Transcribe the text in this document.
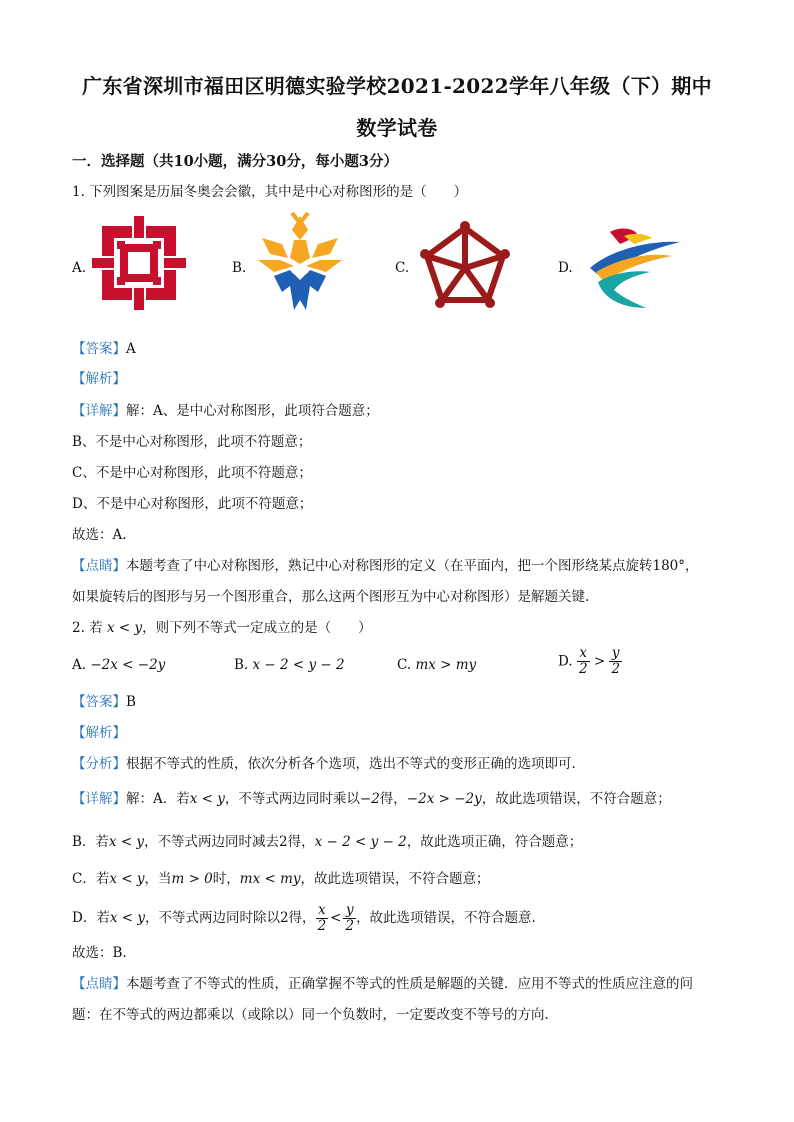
广东省深圳市福田区明德实验学校2021-2022学年八年级（下）期中
数学试卷
一．选择题（共10小题，满分30分，每小题3分）
1. 下列图案是历届冬奥会会徽，其中是中心对称图形的是（　　）
A.	B.	C.	D.
【答案】A
【解析】
【详解】解：A、是中心对称图形，此项符合题意；
B、不是中心对称图形，此项不符题意；
C、不是中心对称图形，此项不符题意；
D、不是中心对称图形，此项不符题意；
故选：A.
【点睛】本题考查了中心对称图形，熟记中心对称图形的定义（在平面内，把一个图形绕某点旋转180°，
如果旋转后的图形与另一个图形重合，那么这两个图形互为中心对称图形）是解题关键.
2. 若 x < y，则下列不等式一定成立的是（　　）
A. −2x < −2y	B. x − 2 < y − 2	C. mx > my	D. $\frac{x}{2} > \frac{y}{2}$
【答案】B
【解析】
【分析】根据不等式的性质，依次分析各个选项，选出不等式的变形正确的选项即可.
【详解】解：A．若x < y，不等式两边同时乘以−2得，−2x > −2y，故此选项错误，不符合题意；
B．若x < y，不等式两边同时减去2得，x − 2 < y − 2，故此选项正确，符合题意；
C．若x < y，当m > 0时，mx < my，故此选项错误，不符合题意；
D．若x < y，不等式两边同时除以2得， $\frac{x}{2} < \frac{y}{2}$ ，故此选项错误，不符合题意.
故选：B.
【点睛】本题考查了不等式的性质，正确掌握不等式的性质是解题的关键．应用不等式的性质应注意的问
题：在不等式的两边都乘以（或除以）同一个负数时，一定要改变不等号的方向.
